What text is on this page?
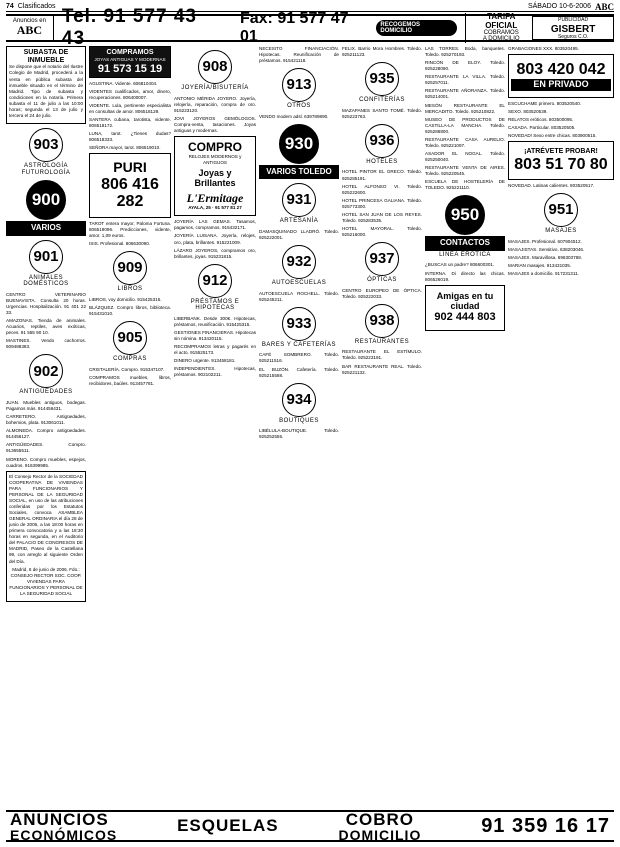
74 Clasificados	SÁBADO 10-6-2006 ABC
Anuncios en
ABC
Tel. 91 577 43 43
Fax: 91 577 47 01
RECOGEMOS DOMICILIO
TARIFA OFICIAL
COBRAMOS
A DOMICILIO
PUBLICIDAD
GISBERT
Seguros C.O.
SUBASTA DE INMUEBLE

Se dispone que el notario del Ilustre Colegio de Madrid, procederá a la venta en pública subasta del inmueble situado en el término de Madrid. Tipo de subasta y condiciones en la notaría. Primera subasta el 11 de julio a las 10:00 horas; segunda el 13 de julio y tercera el 24 de julio.

903
ASTROLOGÍA FUTUROLOGÍA
900
VARIOS
901
ANIMALES DOMÉSTICOS

CENTRO VETERINARIO BUENAVISTA. Consulta 20 horas. Urgencias. Hospitalización. 91 401 22 33.

AMAZONAS. Tienda de animales. Acuarios, reptiles, aves exóticas, peces. 91 555 90 10.

MASTINES. Vendo cachorros. 609488383.

902
ANTIGÜEDADES

JUAN. Muebles antiguos, bodegas. Pagamos más. 914456431.

CARRETERO. Antigüedades, bohemios, plata. 913061011.

ALMONEDA. Compro antigüedades. 914456127.

ANTIGÜEDADES. Compro. 913655511.

MORENO. Compro muebles, espejos, cuadros. 916399985.

El Consejo Rector de la SOCIEDAD COOPERATIVA DE VIVIENDAS PARA FUNCIONARIOS Y PERSONAL DE LA SEGURIDAD SOCIAL, en uso de las atribuciones conferidas por los Estatutos Sociales, convoca ASAMBLEA GENERAL ORDINARIA el día 28 de junio de 2006, a las 18:00 horas en primera convocatoria y a las 18:30 horas en segunda, en el Auditorio del PALACIO DE CONGRESOS DE MADRID, Paseo de la Castellana 99, con arreglo al siguiente Orden del Día.

Madrid, 6 de junio de 2006. Fdo.: CONSEJO RECTOR SOC. COOP. VIVIENDAS PARA FUNCIONARIOS Y PERSONAL DE LA SEGURIDAD SOCIAL

COMPRAMOS
JOYAS ANTIGUAS Y MODERNAS
91 573 15 19

AGUSTINA. Vidente. 606810404.

VIDENTES cualificados, amor, dinero, recuperaciones. 806400007.

VIDENTE. Lula, pertinente especialista en consultas de amor. 806518129.

SANTERA cubana, tarotista, vidente. 806518172.

LUNA, tarot. ¿Tienes dudas? 806518333.

SEÑORA mayor, tarot. 806519010.

PURI
806 416 282

TAROT entera mayor, Paloma Fortuna. 806519096. Predicciones, vidente, amor. 1,09 euros.

ISIS. Profesional. 806630090.

909
LIBROS

LIBROS, voy domicilio. 915425315.

BLÁZQUEZ. Compro libros, biblioteca. 915431010.

905
COMPRAS

CRISTALERÍA. Compro. 915347107.

COMPRAMOS muebles, libros, recibidores, baúles. 913457781.

908
JOYERÍA/BISUTERÍA

ANTONIO MÉRIDA JOYERO. Joyería, relojería, reparación, compra de oro. 915223120.

JOVI JOYEROS GEMÓLOGOS. Compra-venta, tasaciones. Joyas antiguas y modernas.

COMPRO
RELOJES MODERNOS y ANTIGUOS
Joyas y Brillantes
L'Ermitage
AYALA, 25 · 91 577 81 27

JOYERÍA LAS GEMAS. Tasamos, pagamos, compramos. 915432171.

JOYERÍA LUISANA. Joyería, relojes, oro, plata, brillantes. 915221009.

LÁZARO JOYEROS, compramos oro, brillantes, joyas. 915231815.

912
PRÉSTAMOS E HIPOTECAS

LIBERBANK. Desde 300€. Hipotecas, préstamos, reunificación. 915425315.

GESTIONES FINANCIERAS. Hipotecas sin nómina. 913420115.

RECOMPRAMOS letras y pagarés en el acto. 915525173.

DINERO urgente. 913458181.

INDEPENDIENTES. Hipotecas, préstamos. 902102211.

NECESITO FINANCIACIÓN. Hipotecas. Reunificación de préstamos. 915421118.

913
OTROS

VENDO modem adsl. 639789890.

930
VARIOS TOLEDO
931
ARTESANÍA

DAMASQUINADO LLADRÓ. Toledo. 925222001.

932
AUTOESCUELAS

AUTOESCUELA ROCHELL. Toledo. 925245211.

933
BARES Y CAFETERÍAS

CAFÉ SOMBRERO. Toledo. 925211516.

EL BUZÓN. Cafetería. Toledo. 925215588.

934
BOUTIQUES

LIBÉLULA-BOUTIQUE. Toledo. 925252555.

FELIX. Barrio Mora Hombres. Toledo. 925211123.

935
CONFITERÍAS

MAZAPANES SANTO TOMÉ. Toledo. 925223763.

936
HOTELES

HOTEL PINTOR EL GRECO. Toledo. 925285191.

HOTEL ALFONSO VI. Toledo. 925222600.

HOTEL PRINCESA GALIANA. Toledo. 925773300.

HOTEL SAN JUAN DE LOS REYES. Toledo. 925283535.

HOTEL MAYORAL. Toledo. 925216000.

937
ÓPTICAS

CENTRO EUROPEO DE ÓPTICA. Toledo. 925222033.

938
RESTAURANTES

RESTAURANTE EL ESTÍMULO. Toledo. 925223191.

BAR RESTAURANTE REAL. Toledo. 925221132.

LAS TORRES. Boda, banquetes. Toledo. 925270193.

RINCÓN DE ELOY. Toledo. 925228090.

RESTAURANTE LA VILLA. Toledo. 925257011.

RESTAURANTE AÑORANZA. Toledo. 925214001.

MESÓN RESTAURANTE EL MERCADITO. Toledo. 925210822.

MUSEO DE PRODUCTOS DE CASTILLA-LA MANCHA. Toledo. 925286800.

RESTAURANTE CASA AURELIO. Toledo. 925221097.

ASADOR EL NOGAL. Toledo. 925250040.

RESTAURANTE VENTA DE AIRES. Toledo. 925220545.

ESCUELA DE HOSTELERÍA DE TOLEDO. 925221110.

950
CONTACTOS
LÍNEA ERÓTICA

¿BUSCAS un padre? 806600301.

INTERNA. Di directo las chicas. 806526019.

Amigas en tu ciudad
902 444 803

GRABACIONES XXX. 803520495.

803 420 042
EN PRIVADO

ESCUCHAME primero. 803520540.

SEXO. 803520539.

RELATOS eróticos. 803500095.

CASADA. Particular. 803520505.

NOVEDAD! Sexo entre chicas. 803900515.

¡ATRÉVETE PROBAR!
803 51 70 80

NOVEDAD. Latinas calientes. 803520517.

951
MASAJES

MASAJES. Profesional. 607904512.

MASAJISTAS. Sensitivo. 638203046.

MASAJES. Maravillosa. 696303788.

MARIAN masajes. 913431035.

MASAJES a domicilio. 917231311.

ANUNCIOS
ECONÓMICOS	ESQUELAS	COBRO
DOMICILIO	91 359 16 17
